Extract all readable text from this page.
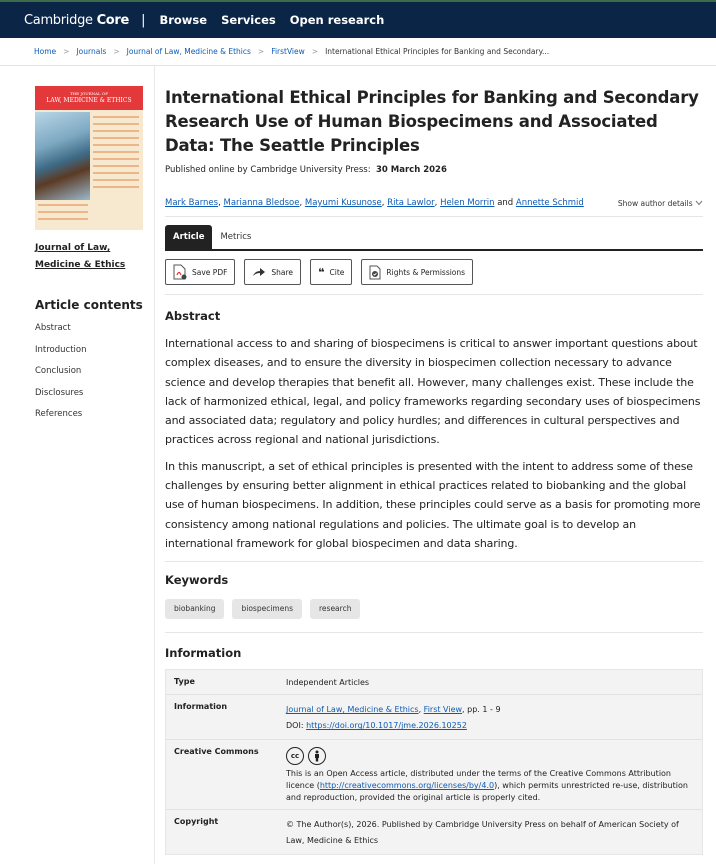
Cambridge Core | Browse Services Open research
Home > Journals > Journal of Law, Medicine & Ethics > FirstView > International Ethical Principles for Banking and Secondary...
THE JOURNAL OF
LAW, MEDICINE & ETHICS
Journal of Law, Medicine & Ethics
Article contents
Abstract
Introduction
Conclusion
Disclosures
References
International Ethical Principles for Banking and Secondary Research Use of Human Biospecimens and Associated Data: The Seattle Principles
Published online by Cambridge University Press: 30 March 2026
Mark Barnes, Marianna Bledsoe, Mayumi Kusunose, Rita Lawlor, Helen Morrin and Annette Schmid	Show author details
Article	Metrics
Save PDF	Share ❝ Cite	Rights & Permissions
Abstract

International access to and sharing of biospecimens is critical to answer important questions about complex diseases, and to ensure the diversity in biospecimen collection necessary to advance science and develop therapies that benefit all. However, many challenges exist. These include the lack of harmonized ethical, legal, and policy frameworks regarding secondary uses of biospecimens and associated data; regulatory and policy hurdles; and differences in cultural perspectives and practices across regional and national jurisdictions.

In this manuscript, a set of ethical principles is presented with the intent to address some of these challenges by ensuring better alignment in ethical practices related to biobanking and the global use of human biospecimens. In addition, these principles could serve as a basis for promoting more consistency among national regulations and policies. The ultimate goal is to develop an international framework for global biospecimen and data sharing.

Keywords
biobanking	biospecimens	research
Information
Type	Independent Articles
Information	Journal of Law, Medicine & Ethics, First View, pp. 1 - 9
DOI: https://doi.org/10.1017/jme.2026.10252
Creative Commons	cc
This is an Open Access article, distributed under the terms of the Creative Commons Attribution licence (http://creativecommons.org/licenses/by/4.0), which permits unrestricted re-use, distribution and reproduction, provided the original article is properly cited.
Copyright	© The Author(s), 2026. Published by Cambridge University Press on behalf of American Society of Law, Medicine & Ethics
